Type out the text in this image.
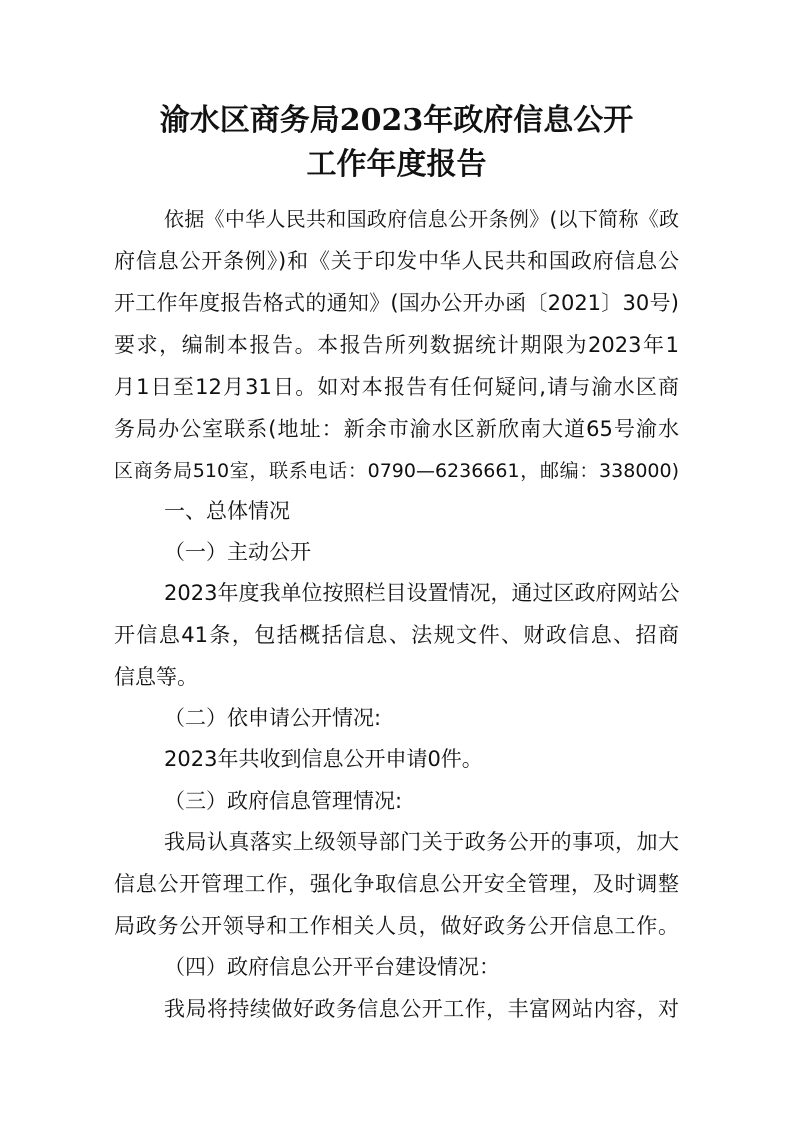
渝水区商务局2023年政府信息公开
工作年度报告
依据《中华人民共和国政府信息公开条例》(以下简称《政
府信息公开条例》)和《关于印发中华人民共和国政府信息公
开工作年度报告格式的通知》(国办公开办函〔2021〕30号)
要求，编制本报告。本报告所列数据统计期限为2023年1
月1日至12月31日。如对本报告有任何疑问,请与渝水区商
务局办公室联系(地址：新余市渝水区新欣南大道65号渝水
区商务局510室，联系电话：0790—6236661，邮编：338000)
一、总体情况
（一）主动公开
2023年度我单位按照栏目设置情况，通过区政府网站公
开信息41条，包括概括信息、法规文件、财政信息、招商
信息等。
（二）依申请公开情况:
2023年共收到信息公开申请0件。
（三）政府信息管理情况:
我局认真落实上级领导部门关于政务公开的事项，加大
信息公开管理工作，强化争取信息公开安全管理，及时调整
局政务公开领导和工作相关人员，做好政务公开信息工作。
（四）政府信息公开平台建设情况：
我局将持续做好政务信息公开工作，丰富网站内容，对
